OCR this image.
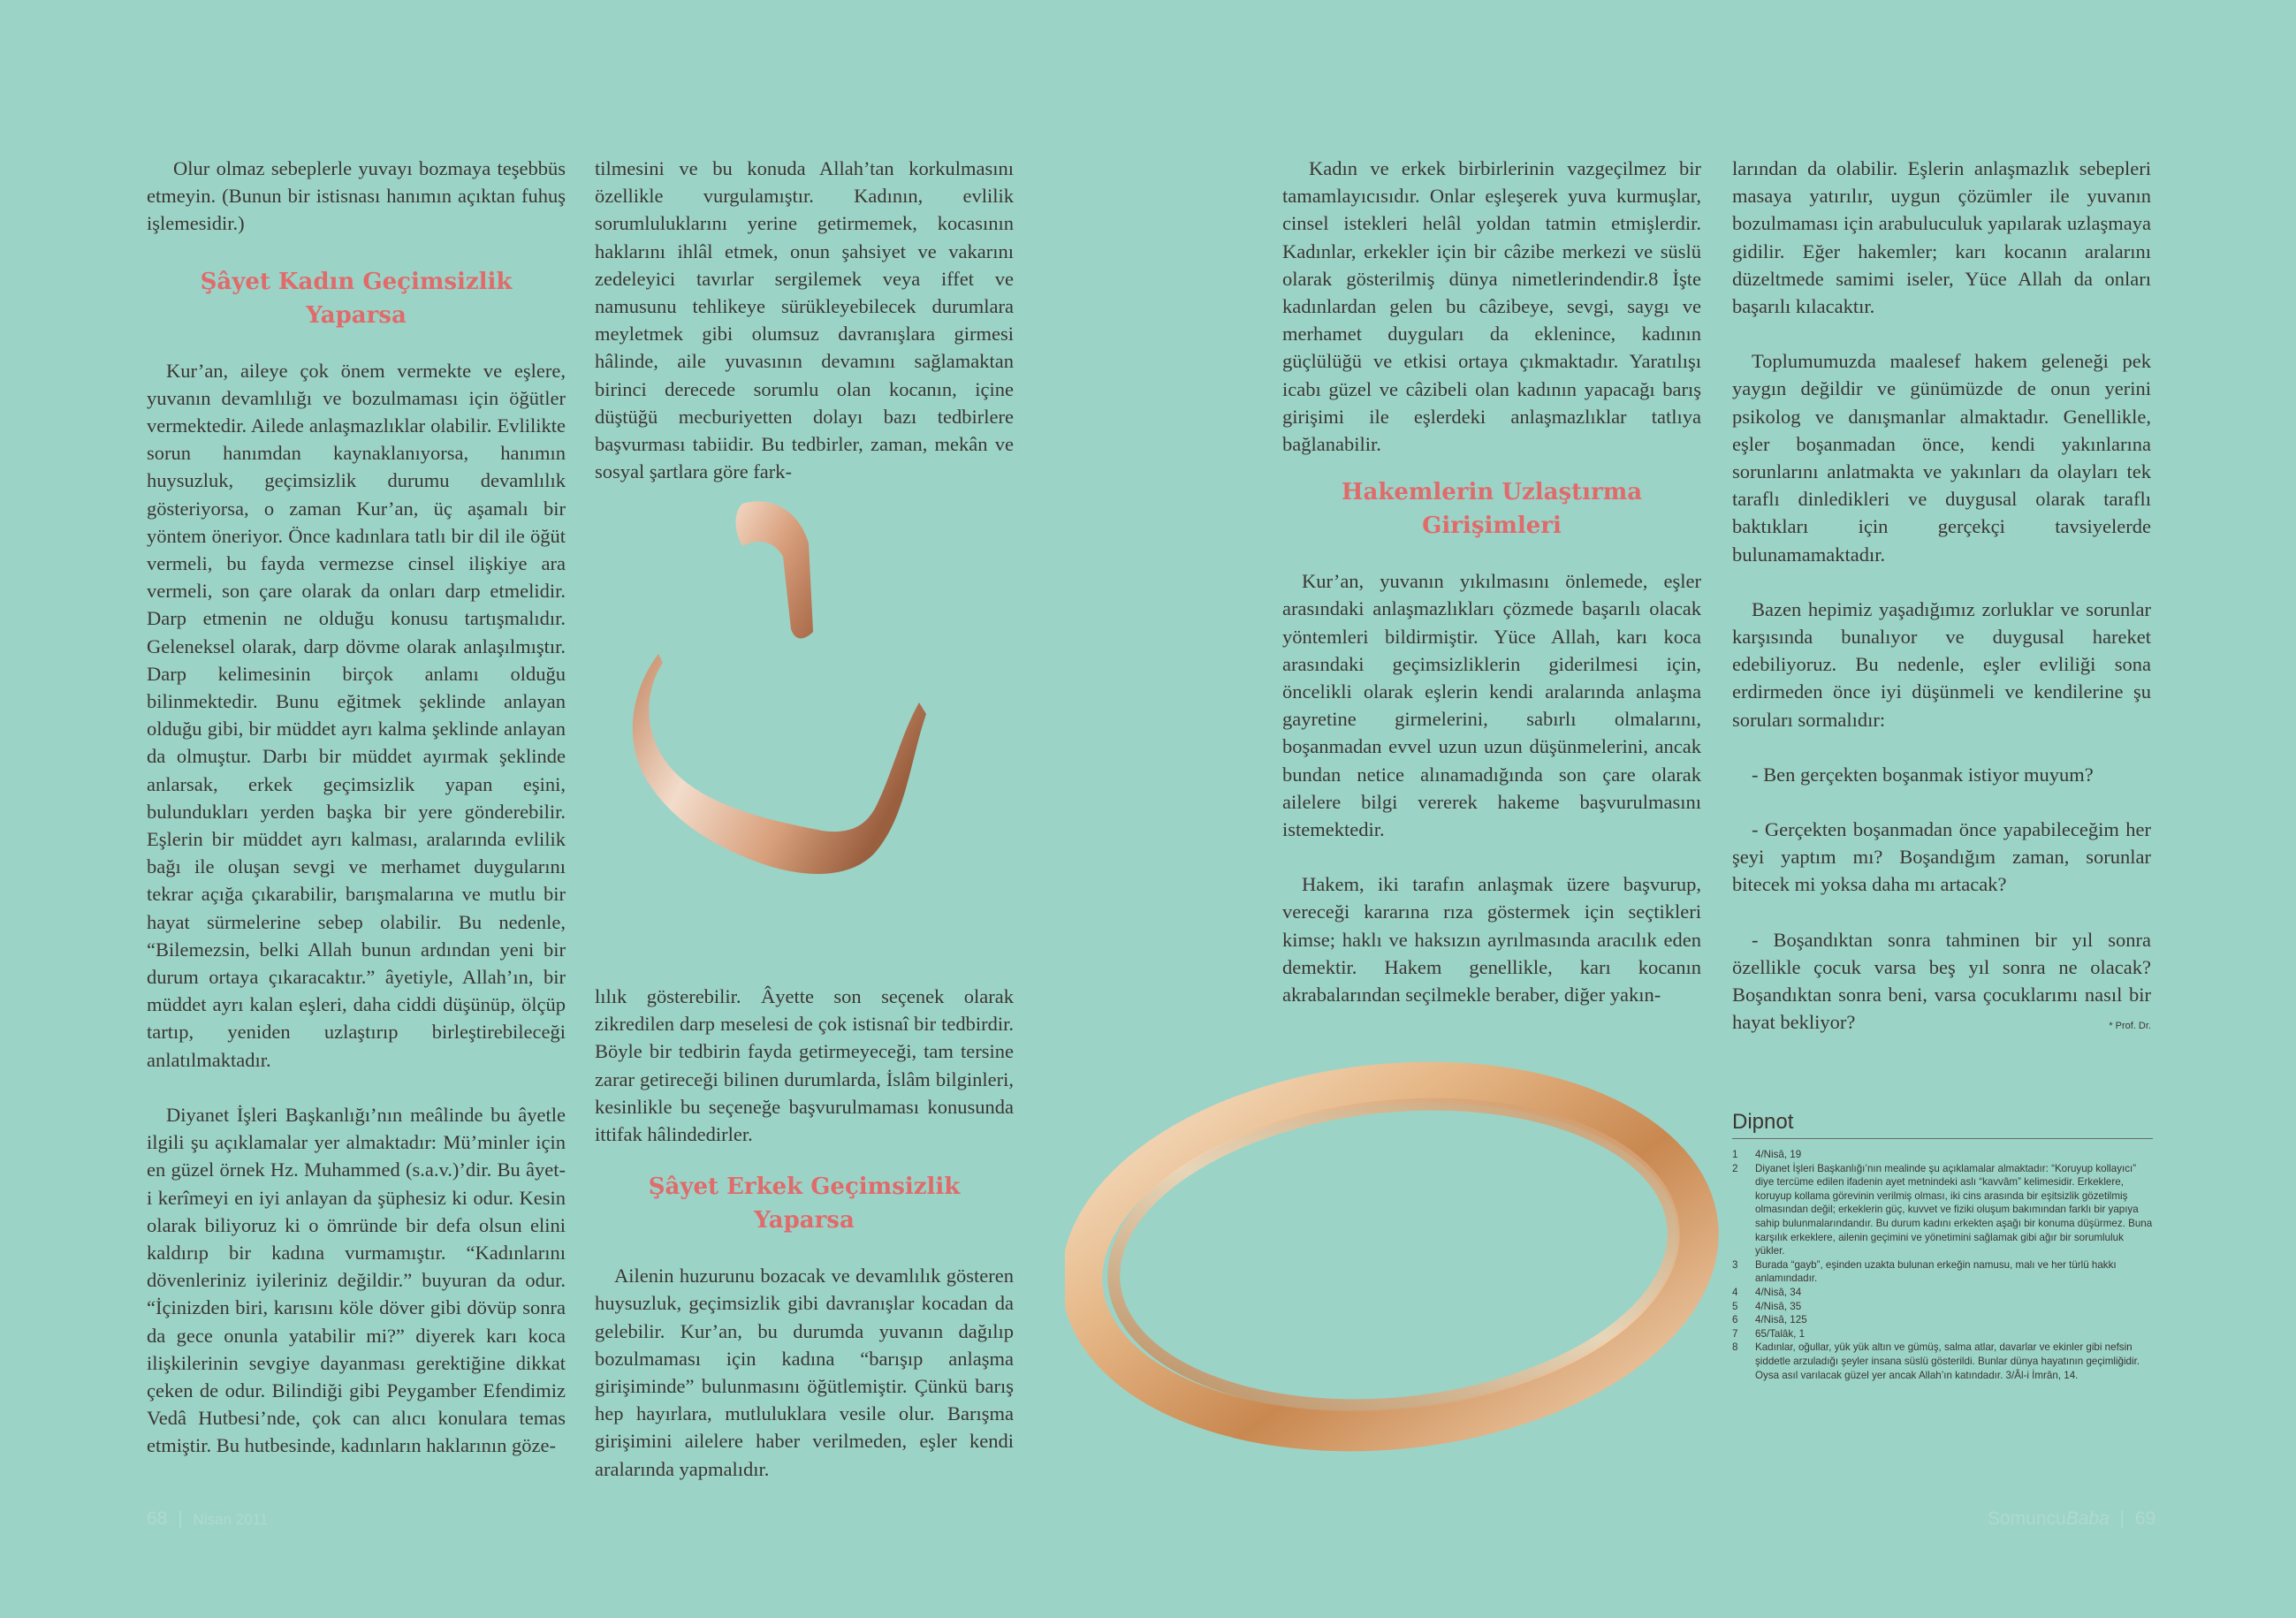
Olur olmaz sebeplerle yuvayı bozmaya teşebbüs etmeyin. (Bunun bir istisnası hanımın açıktan fuhuş işlemesidir.)

Şâyet Kadın Geçimsizlik Yaparsa

Kur’an, aileye çok önem vermekte ve eşlere, yuvanın devamlılığı ve bozulmaması için öğütler vermektedir. Ailede anlaşmazlıklar olabilir. Evlilikte sorun hanımdan kaynaklanıyorsa, hanımın huysuzluk, geçimsizlik durumu devamlılık gösteriyorsa, o zaman Kur’an, üç aşamalı bir yöntem öneriyor. Önce kadınlara tatlı bir dil ile öğüt vermeli, bu fayda vermezse cinsel ilişkiye ara vermeli, son çare olarak da onları darp etmelidir. Darp etmenin ne olduğu konusu tartışmalıdır. Geleneksel olarak, darp dövme olarak anlaşılmıştır. Darp kelimesinin birçok anlamı olduğu bilinmektedir. Bunu eğitmek şeklinde anlayan olduğu gibi, bir müddet ayrı kalma şeklinde anlayan da olmuştur. Darbı bir müddet ayırmak şeklinde anlarsak, erkek geçimsizlik yapan eşini, bulundukları yerden başka bir yere gönderebilir. Eşlerin bir müddet ayrı kalması, aralarında evlilik bağı ile oluşan sevgi ve merhamet duygularını tekrar açığa çıkarabilir, barışmalarına ve mutlu bir hayat sürmelerine sebep olabilir. Bu nedenle, “Bilemezsin, belki Allah bunun ardından yeni bir durum ortaya çıkaracaktır.” âyetiyle, Allah’ın, bir müddet ayrı kalan eşleri, daha ciddi düşünüp, ölçüp tartıp, yeniden uzlaştırıp birleştirebileceği anlatılmaktadır.

Diyanet İşleri Başkanlığı’nın meâlinde bu âyetle ilgili şu açıklamalar yer almaktadır: Mü’minler için en güzel örnek Hz. Muhammed (s.a.v.)’dir. Bu âyet-i kerîmeyi en iyi anlayan da şüphesiz ki odur. Kesin olarak biliyoruz ki o ömründe bir defa olsun elini kaldırıp bir kadına vurmamıştır. “Kadınlarını dövenleriniz iyileriniz değildir.” buyuran da odur. “İçinizden biri, karısını köle döver gibi dövüp sonra da gece onunla yatabilir mi?” diyerek karı koca ilişkilerinin sevgiye dayanması gerektiğine dikkat çeken de odur. Bilindiği gibi Peygamber Efendimiz Vedâ Hutbesi’nde, çok can alıcı konulara temas etmiştir. Bu hutbesinde, kadınların haklarının göze-

tilmesini ve bu konuda Allah’tan korkulmasını özellikle vurgulamıştır. Kadının, evlilik sorumluluklarını yerine getirmemek, kocasının haklarını ihlâl etmek, onun şahsiyet ve vakarını zedeleyici tavırlar sergilemek veya iffet ve namusunu tehlikeye sürükleyebilecek durumlara meyletmek gibi olumsuz davranışlara girmesi hâlinde, aile yuvasının devamını sağlamaktan birinci derecede sorumlu olan kocanın, içine düştüğü mecburiyetten dolayı bazı tedbirlere başvurması tabiidir. Bu tedbirler, zaman, mekân ve sosyal şartlara göre fark-

lılık gösterebilir. Âyette son seçenek olarak zikredilen darp meselesi de çok istisnaî bir tedbirdir. Böyle bir tedbirin fayda getirmeyeceği, tam tersine zarar getireceği bilinen durumlarda, İslâm bilginleri, kesinlikle bu seçeneğe başvurulmaması konusunda ittifak hâlindedirler.

Şâyet Erkek Geçimsizlik Yaparsa

Ailenin huzurunu bozacak ve devamlılık gösteren huysuzluk, geçimsizlik gibi davranışlar kocadan da gelebilir. Kur’an, bu durumda yuvanın dağılıp bozulmaması için kadına “barışıp anlaşma girişiminde” bulunmasını öğütlemiştir. Çünkü barış hep hayırlara, mutluluklara vesile olur. Barışma girişimini ailelere haber verilmeden, eşler kendi aralarında yapmalıdır.

68 | Nisan 2011

Kadın ve erkek birbirlerinin vazgeçilmez bir tamamlayıcısıdır. Onlar eşleşerek yuva kurmuşlar, cinsel istekleri helâl yoldan tatmin etmişlerdir. Kadınlar, erkekler için bir câzibe merkezi ve süslü olarak gösterilmiş dünya nimetlerindendir.8 İşte kadınlardan gelen bu câzibeye, sevgi, saygı ve merhamet duyguları da eklenince, kadının güçlülüğü ve etkisi ortaya çıkmaktadır. Yaratılışı icabı güzel ve câzibeli olan kadının yapacağı barış girişimi ile eşlerdeki anlaşmazlıklar tatlıya bağlanabilir.

Hakemlerin Uzlaştırma
Girişimleri

Kur’an, yuvanın yıkılmasını önlemede, eşler arasındaki anlaşmazlıkları çözmede başarılı olacak yöntemleri bildirmiştir. Yüce Allah, karı koca arasındaki geçimsizliklerin giderilmesi için, öncelikli olarak eşlerin kendi aralarında anlaşma gayretine girmelerini, sabırlı olmalarını, boşanmadan evvel uzun uzun düşünmelerini, ancak bundan netice alınamadığında son çare olarak ailelere bilgi vererek hakeme başvurulmasını istemektedir.

Hakem, iki tarafın anlaşmak üzere başvurup, vereceği kararına rıza göstermek için seçtikleri kimse; haklı ve haksızın ayrılmasında aracılık eden demektir. Hakem genellikle, karı kocanın akrabalarından seçilmekle beraber, diğer yakın-

larından da olabilir. Eşlerin anlaşmazlık sebepleri masaya yatırılır, uygun çözümler ile yuvanın bozulmaması için arabuluculuk yapılarak uzlaşmaya gidilir. Eğer hakemler; karı kocanın aralarını düzeltmede samimi iseler, Yüce Allah da onları başarılı kılacaktır.

Toplumumuzda maalesef hakem geleneği pek yaygın değildir ve günümüzde de onun yerini psikolog ve danışmanlar almaktadır. Genellikle, eşler boşanmadan önce, kendi yakınlarına sorunlarını anlatmakta ve yakınları da olayları tek taraflı dinledikleri ve duygusal olarak taraflı baktıkları için gerçekçi tavsiyelerde bulunamamaktadır.

Bazen hepimiz yaşadığımız zorluklar ve sorunlar karşısında bunalıyor ve duygusal hareket edebiliyoruz. Bu nedenle, eşler evliliği sona erdirmeden önce iyi düşünmeli ve kendilerine şu soruları sormalıdır:

- Ben gerçekten boşanmak istiyor muyum?

- Gerçekten boşanmadan önce yapabileceğim her şeyi yaptım mı? Boşandığım zaman, sorunlar bitecek mi yoksa daha mı artacak?

- Boşandıktan sonra tahminen bir yıl sonra özellikle çocuk varsa beş yıl sonra ne olacak? Boşandıktan sonra beni, varsa çocuklarımı nasıl bir hayat bekliyor?	* Prof. Dr.
SomuncuBaba | 69
Dipnot
1	4/Nisâ, 19
2	Diyanet İşleri Başkanlığı’nın mealinde şu açıklamalar almaktadır: “Koruyup kollayıcı” diye tercüme edilen ifadenin ayet metnindeki aslı “kavvâm” kelimesidir. Erkeklere, koruyup kollama görevinin verilmiş olması, iki cins arasında bir eşitsizlik gözetilmiş olmasından değil; erkeklerin güç, kuvvet ve fiziki oluşum bakımından farklı bir yapıya sahip bulunmalarındandır. Bu durum kadını erkekten aşağı bir konuma düşürmez. Buna karşılık erkeklere, ailenin geçimini ve yönetimini sağlamak gibi ağır bir sorumluluk yükler.
3	Burada “gayb”, eşinden uzakta bulunan erkeğin namusu, malı ve her türlü hakkı anlamındadır.
4	4/Nisâ, 34
5	4/Nisâ, 35
6	4/Nisâ, 125
7	65/Talâk, 1
8	Kadınlar, oğullar, yük yük altın ve gümüş, salma atlar, davarlar ve ekinler gibi nefsin şiddetle arzuladığı şeyler insana süslü gösterildi. Bunlar dünya hayatının geçimliğidir. Oysa asıl varılacak güzel yer ancak Allah’ın katındadır. 3/Âl-i İmrân, 14.
